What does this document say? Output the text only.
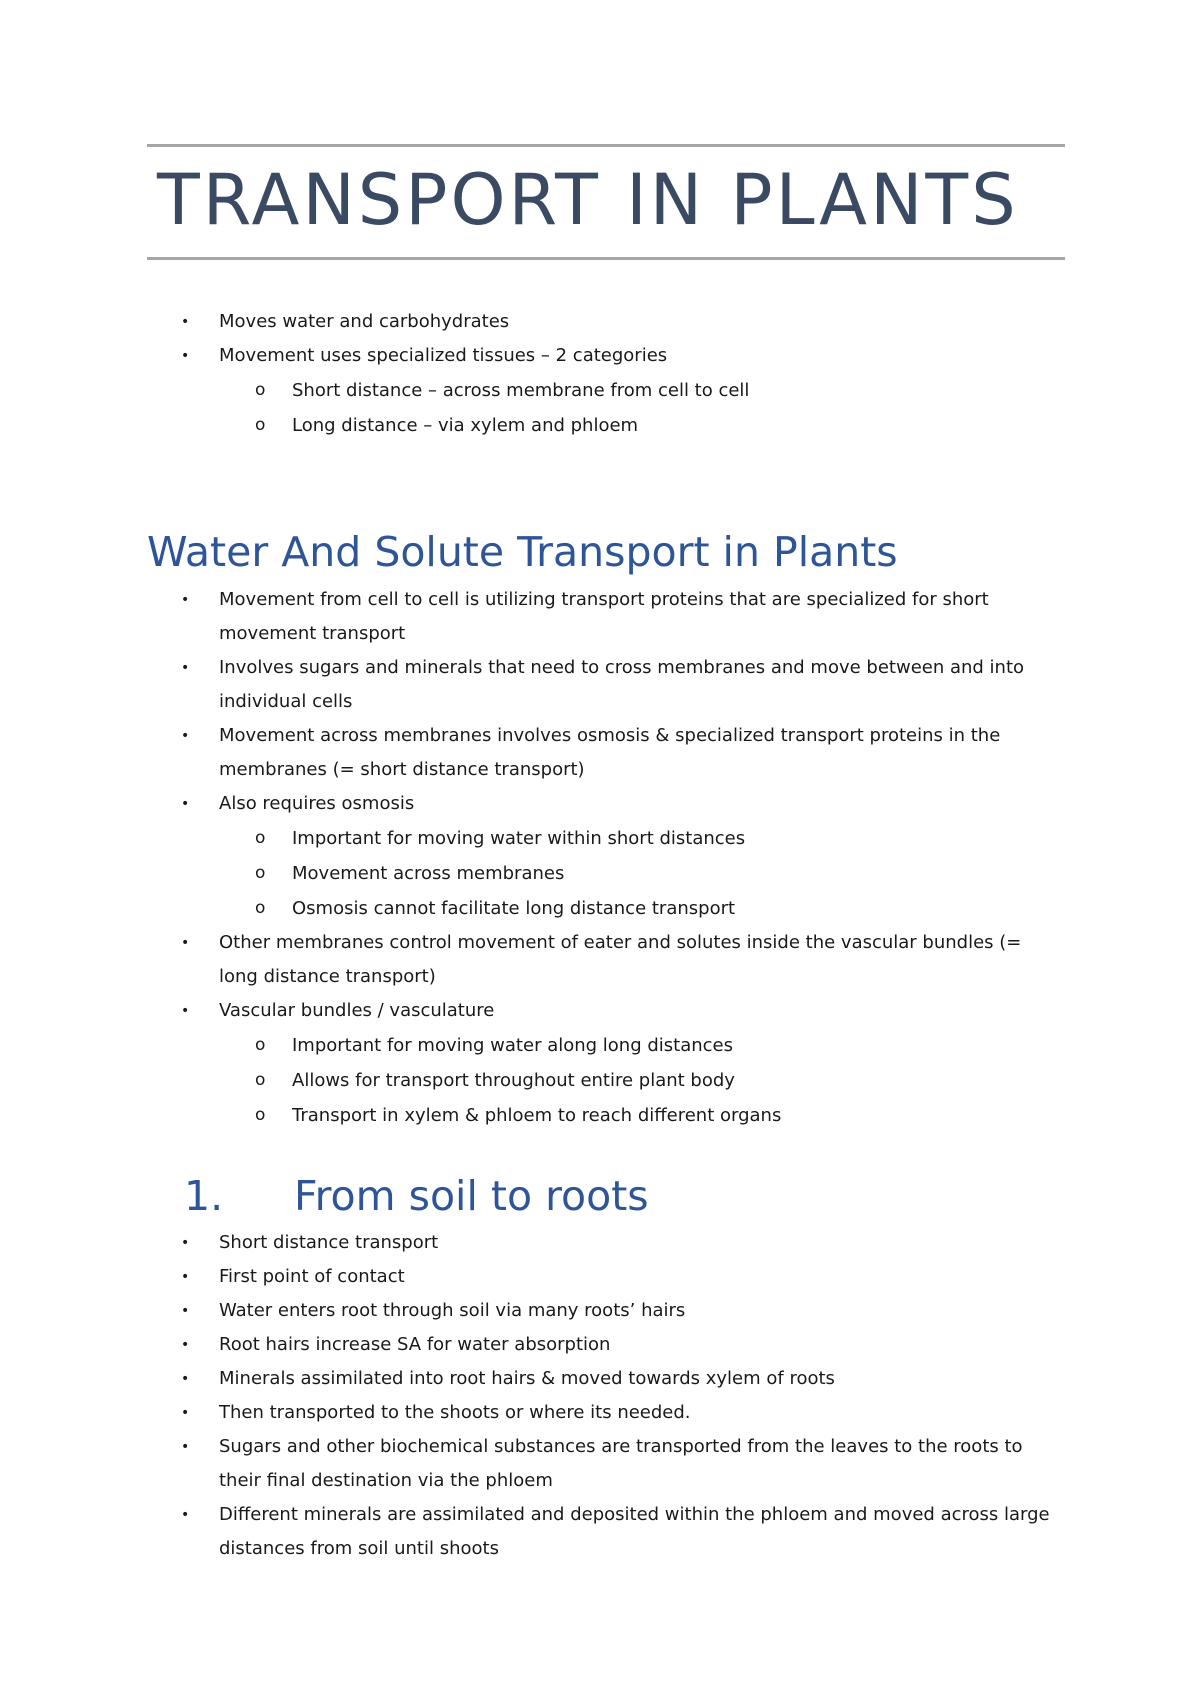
TRANSPORT IN PLANTS
• Moves water and carbohydrates
• Movement uses specialized tissues – 2 categories
o Short distance – across membrane from cell to cell
o Long distance – via xylem and phloem
Water And Solute Transport in Plants
• Movement from cell to cell is utilizing transport proteins that are specialized for short movement transport
• Involves sugars and minerals that need to cross membranes and move between and into individual cells
• Movement across membranes involves osmosis & specialized transport proteins in the membranes (= short distance transport)
• Also requires osmosis
o Important for moving water within short distances
o Movement across membranes
o Osmosis cannot facilitate long distance transport
• Other membranes control movement of eater and solutes inside the vascular bundles (= long distance transport)
• Vascular bundles / vasculature
o Important for moving water along long distances
o Allows for transport throughout entire plant body
o Transport in xylem & phloem to reach different organs
1. From soil to roots
• Short distance transport
• First point of contact
• Water enters root through soil via many roots’ hairs
• Root hairs increase SA for water absorption
• Minerals assimilated into root hairs & moved towards xylem of roots
• Then transported to the shoots or where its needed.
• Sugars and other biochemical substances are transported from the leaves to the roots to their final destination via the phloem
• Different minerals are assimilated and deposited within the phloem and moved across large distances from soil until shoots
